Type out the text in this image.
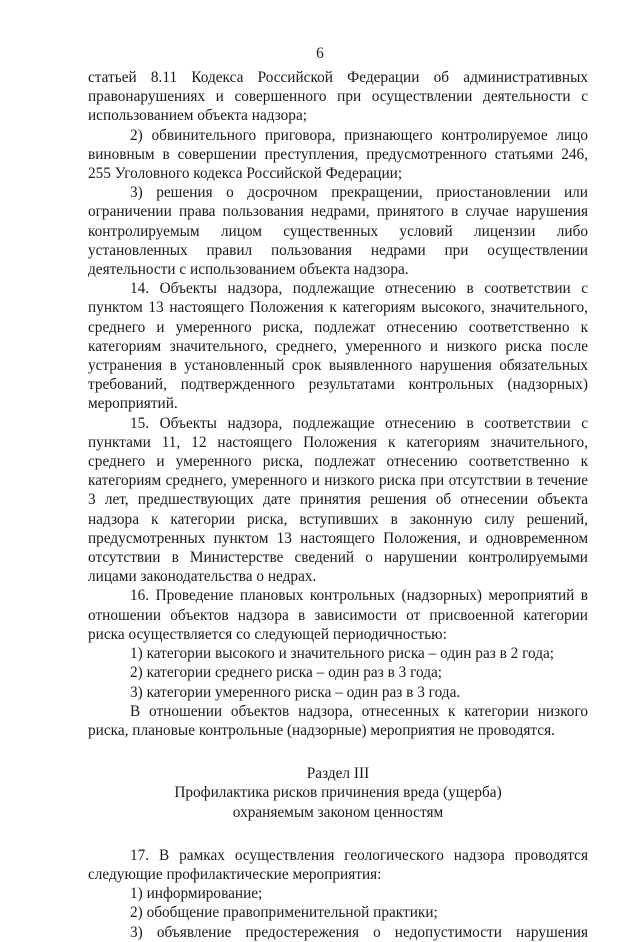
6

статьей 8.11 Кодекса Российской Федерации об административных правонарушениях и совершенного при осуществлении деятельности с использованием объекта надзора;

2) обвинительного приговора, признающего контролируемое лицо виновным в совершении преступления, предусмотренного статьями 246, 255 Уголовного кодекса Российской Федерации;

3) решения о досрочном прекращении, приостановлении или ограничении права пользования недрами, принятого в случае нарушения контролируемым лицом существенных условий лицензии либо установленных правил пользования недрами при осуществлении деятельности с использованием объекта надзора.

14. Объекты надзора, подлежащие отнесению в соответствии с пунктом 13 настоящего Положения к категориям высокого, значительного, среднего и умеренного риска, подлежат отнесению соответственно к категориям значительного, среднего, умеренного и низкого риска после устранения в установленный срок выявленного нарушения обязательных требований, подтвержденного результатами контрольных (надзорных) мероприятий.

15. Объекты надзора, подлежащие отнесению в соответствии с пунктами 11, 12 настоящего Положения к категориям значительного, среднего и умеренного риска, подлежат отнесению соответственно к категориям среднего, умеренного и низкого риска при отсутствии в течение 3 лет, предшествующих дате принятия решения об отнесении объекта надзора к категории риска, вступивших в законную силу решений, предусмотренных пунктом 13 настоящего Положения, и одновременном отсутствии в Министерстве сведений о нарушении контролируемыми лицами законодательства о недрах.

16. Проведение плановых контрольных (надзорных) мероприятий в отношении объектов надзора в зависимости от присвоенной категории риска осуществляется со следующей периодичностью:

1) категории высокого и значительного риска – один раз в 2 года;

2) категории среднего риска – один раз в 3 года;

3) категории умеренного риска – один раз в 3 года.

В отношении объектов надзора, отнесенных к категории низкого риска, плановые контрольные (надзорные) мероприятия не проводятся.

Раздел III

Профилактика рисков причинения вреда (ущерба)

охраняемым законом ценностям

17. В рамках осуществления геологического надзора проводятся следующие профилактические мероприятия:

1) информирование;

2) обобщение правоприменительной практики;

3) объявление предостережения о недопустимости нарушения
